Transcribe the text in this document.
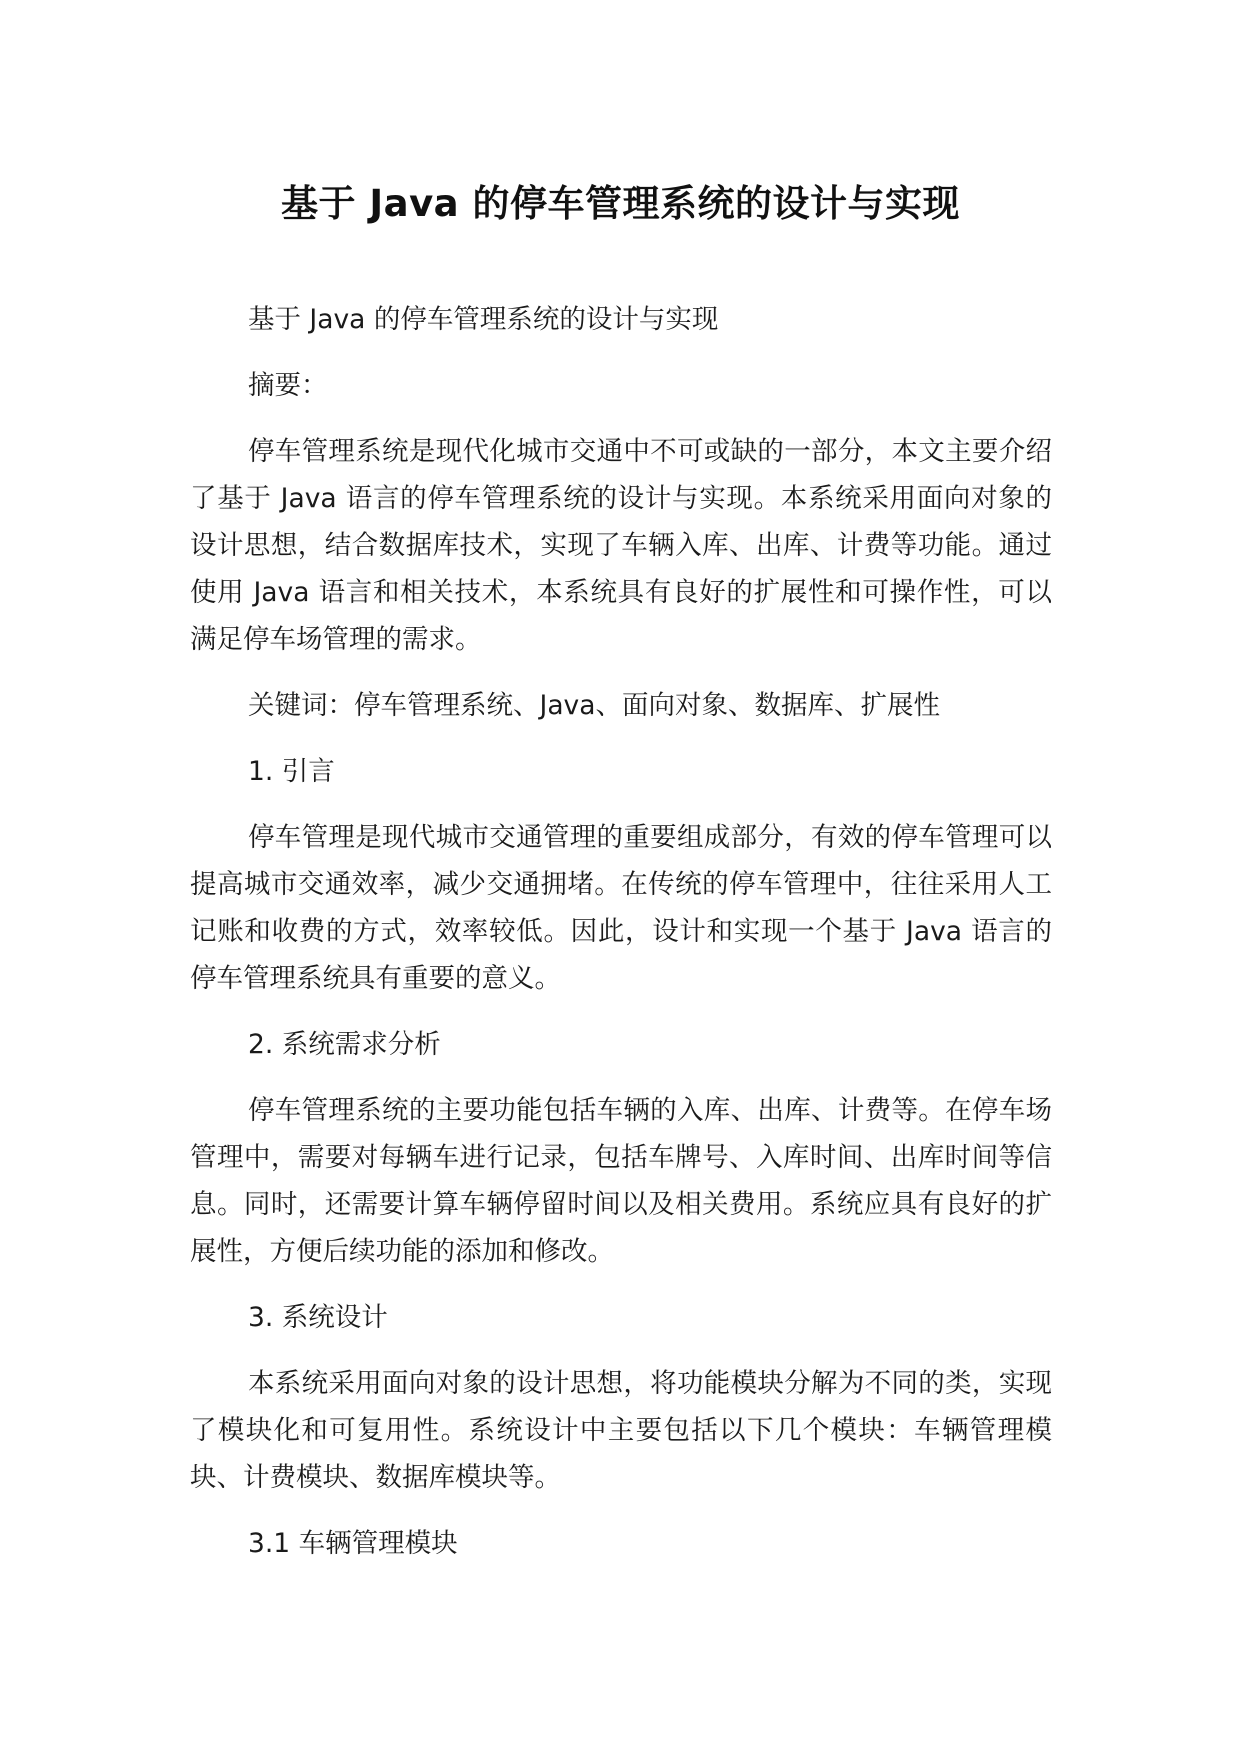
基于 Java 的停车管理系统的设计与实现

基于 Java 的停车管理系统的设计与实现

摘要：

停车管理系统是现代化城市交通中不可或缺的一部分，本文主要介绍了基于 Java 语言的停车管理系统的设计与实现。本系统采用面向对象的设计思想，结合数据库技术，实现了车辆入库、出库、计费等功能。通过使用 Java 语言和相关技术，本系统具有良好的扩展性和可操作性，可以满足停车场管理的需求。

关键词：停车管理系统、Java、面向对象、数据库、扩展性

1. 引言

停车管理是现代城市交通管理的重要组成部分，有效的停车管理可以提高城市交通效率，减少交通拥堵。在传统的停车管理中，往往采用人工记账和收费的方式，效率较低。因此，设计和实现一个基于 Java 语言的停车管理系统具有重要的意义。

2. 系统需求分析

停车管理系统的主要功能包括车辆的入库、出库、计费等。在停车场管理中，需要对每辆车进行记录，包括车牌号、入库时间、出库时间等信息。同时，还需要计算车辆停留时间以及相关费用。系统应具有良好的扩展性，方便后续功能的添加和修改。

3. 系统设计

本系统采用面向对象的设计思想，将功能模块分解为不同的类，实现了模块化和可复用性。系统设计中主要包括以下几个模块：车辆管理模块、计费模块、数据库模块等。

3.1 车辆管理模块
